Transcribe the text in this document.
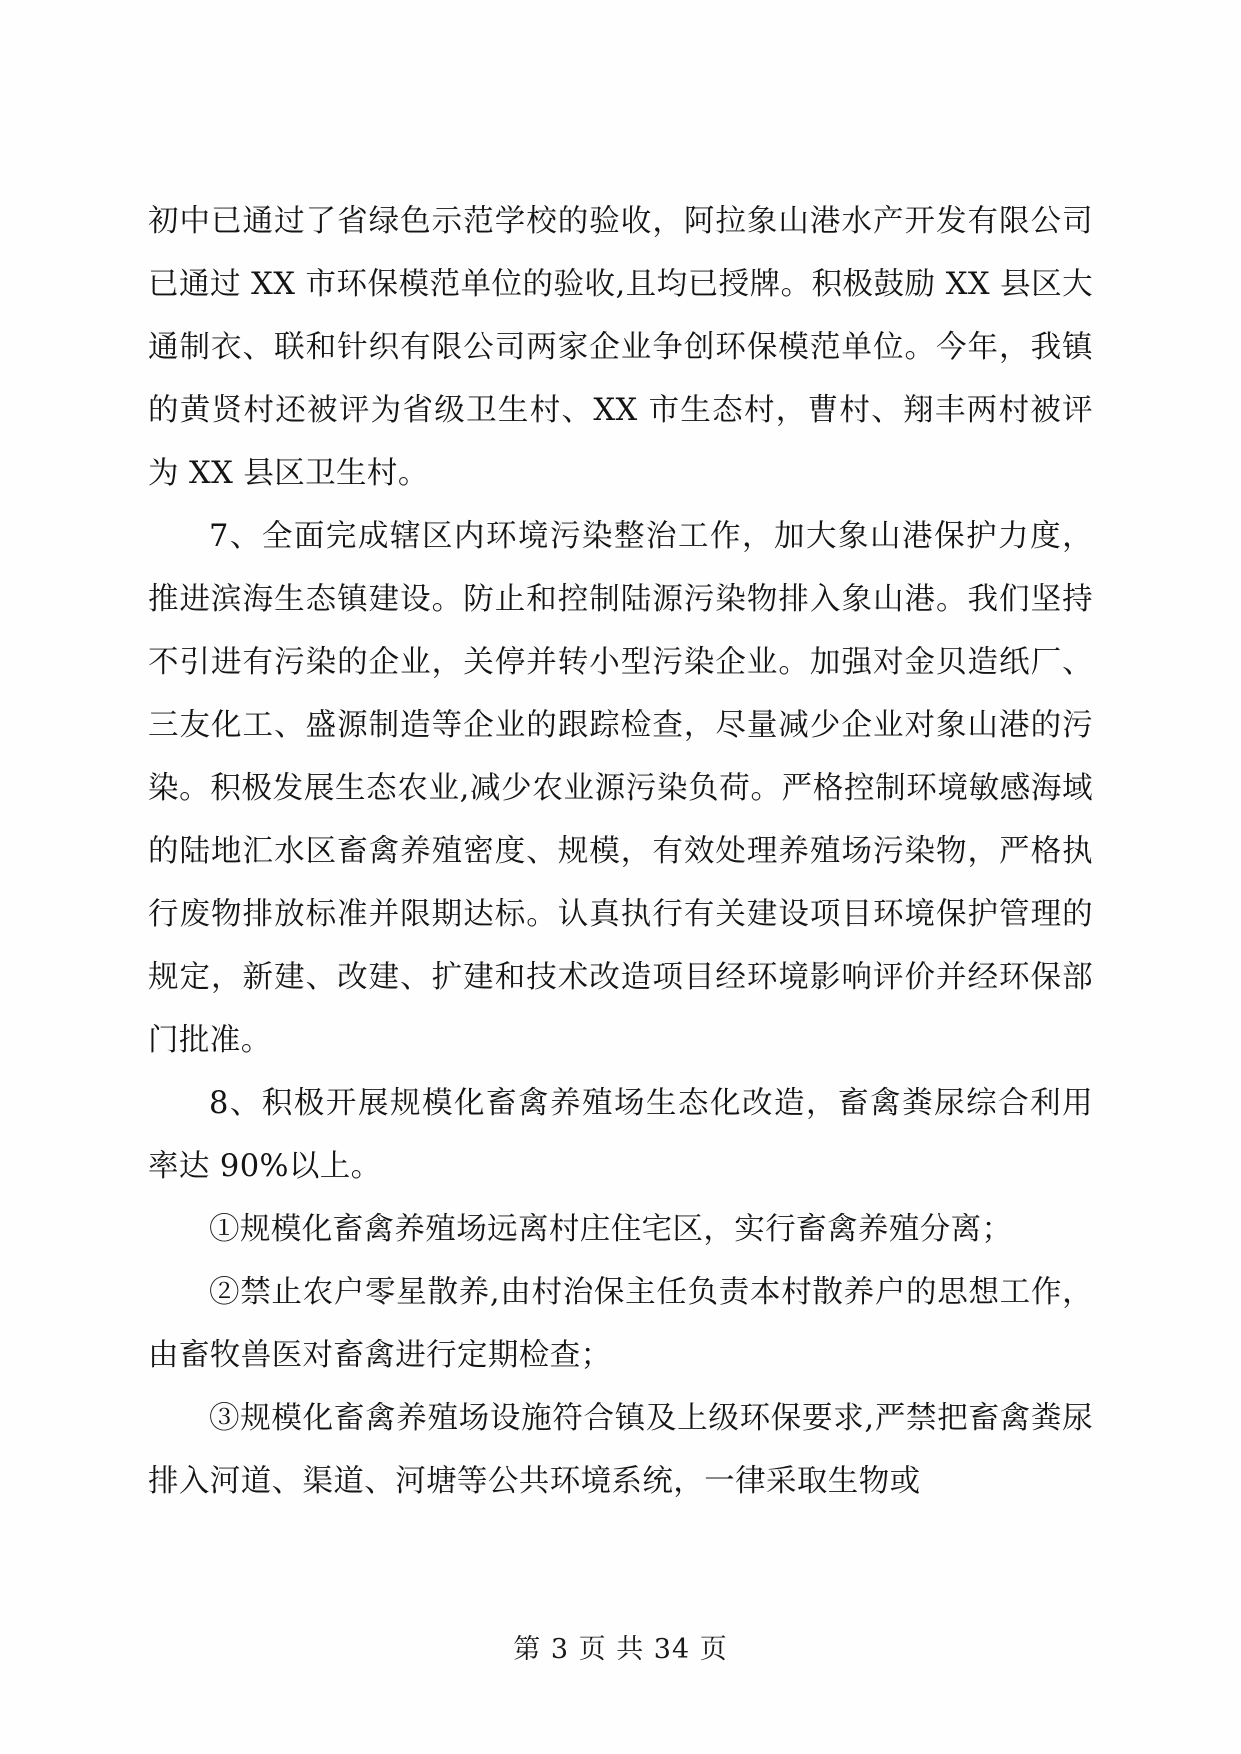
初中已通过了省绿色示范学校的验收，阿拉象山港水产开发有限公司已通过 XX 市环保模范单位的验收,且均已授牌。积极鼓励 XX 县区大通制衣、联和针织有限公司两家企业争创环保模范单位。今年，我镇的黄贤村还被评为省级卫生村、XX 市生态村，曹村、翔丰两村被评为 XX 县区卫生村。

7、全面完成辖区内环境污染整治工作，加大象山港保护力度，推进滨海生态镇建设。防止和控制陆源污染物排入象山港。我们坚持不引进有污染的企业，关停并转小型污染企业。加强对金贝造纸厂、三友化工、盛源制造等企业的跟踪检查，尽量减少企业对象山港的污染。积极发展生态农业,减少农业源污染负荷。严格控制环境敏感海域的陆地汇水区畜禽养殖密度、规模，有效处理养殖场污染物，严格执行废物排放标准并限期达标。认真执行有关建设项目环境保护管理的规定，新建、改建、扩建和技术改造项目经环境影响评价并经环保部门批准。

8、积极开展规模化畜禽养殖场生态化改造，畜禽粪尿综合利用率达 90%以上。

①规模化畜禽养殖场远离村庄住宅区，实行畜禽养殖分离；

②禁止农户零星散养,由村治保主任负责本村散养户的思想工作，由畜牧兽医对畜禽进行定期检查；

③规模化畜禽养殖场设施符合镇及上级环保要求,严禁把畜禽粪尿排入河道、渠道、河塘等公共环境系统，一律采取生物或

第 3 页 共 34 页
